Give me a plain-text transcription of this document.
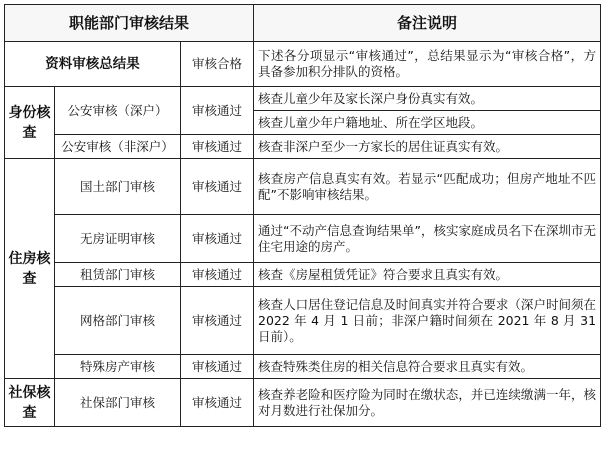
职能部门审核结果			备注说明
资料审核总结果		审核合格	下述各分项显示“审核通过”，总结果显示为“审核合格”，方具备参加积分排队的资格。
身份核查	公安审核（深户）	审核通过	核查儿童少年及家长深户身份真实有效。
			核查儿童少年户籍地址、所在学区地段。
	公安审核（非深户）	审核通过	核查非深户至少一方家长的居住证真实有效。
住房核查	国土部门审核	审核通过	核查房产信息真实有效。若显示“匹配成功；但房产地址不匹配”不影响审核结果。
	无房证明审核	审核通过	通过“不动产信息查询结果单”，核实家庭成员名下在深圳市无住宅用途的房产。
	租赁部门审核	审核通过	核查《房屋租赁凭证》符合要求且真实有效。
	网格部门审核	审核通过	核查人口居住登记信息及时间真实并符合要求（深户时间须在 2022 年 4 月 1 日前；非深户籍时间须在 2021 年 8 月 31 日前）。
	特殊房产审核	审核通过	核查特殊类住房的相关信息符合要求且真实有效。
社保核查	社保部门审核	审核通过	核查养老险和医疗险为同时在缴状态，并已连续缴满一年，核对月数进行社保加分。
